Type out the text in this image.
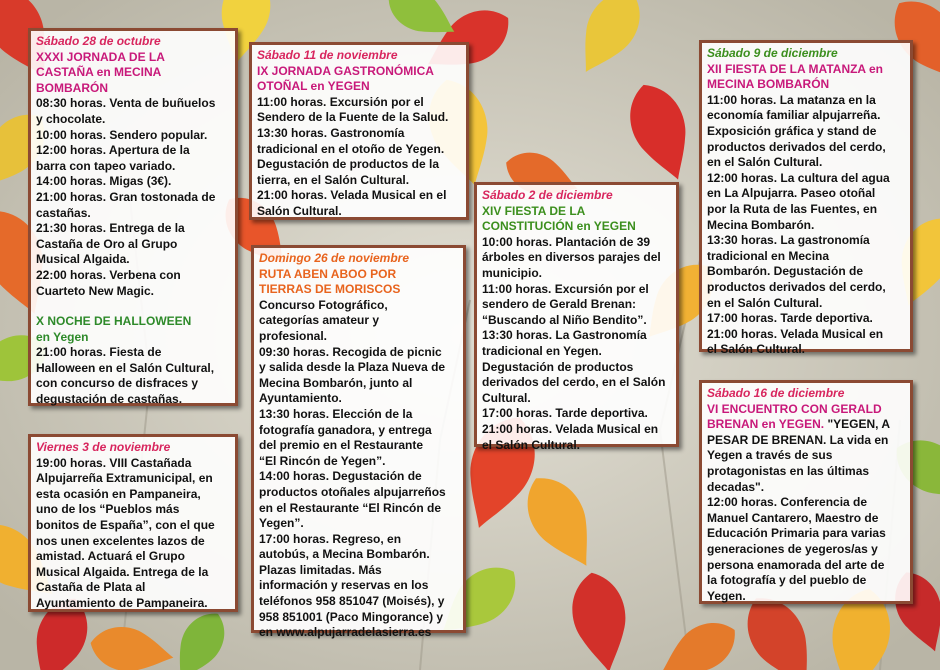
Sábado 28 de octubre
XXXI JORNADA DE LA
CASTAÑA en MECINA
BOMBARÓN
08:30 horas. Venta de buñuelos
y chocolate.
10:00 horas. Sendero popular.
12:00 horas. Apertura de la
barra con tapeo variado.
14:00 horas. Migas (3€).
21:00 horas. Gran tostonada de
castañas.
21:30 horas. Entrega de la
Castaña de Oro al Grupo
Musical Algaida.
22:00 horas. Verbena con
Cuarteto New Magic.
X NOCHE DE HALLOWEEN
en Yegen
21:00 horas. Fiesta de
Halloween en el Salón Cultural,
con concurso de disfraces y
degustación de castañas.
Viernes 3 de noviembre
19:00 horas. VIII Castañada
Alpujarreña Extramunicipal, en
esta ocasión en Pampaneira,
uno de los “Pueblos más
bonitos de España”, con el que
nos unen excelentes lazos de
amistad. Actuará el Grupo
Musical Algaida. Entrega de la
Castaña de Plata al
Ayuntamiento de Pampaneira.
Sábado 11 de noviembre
IX JORNADA GASTRONÓMICA
OTOÑAL en YEGEN
11:00 horas. Excursión por el
Sendero de la Fuente de la Salud.
13:30 horas. Gastronomía
tradicional en el otoño de Yegen.
Degustación de productos de la
tierra, en el Salón Cultural.
21:00 horas. Velada Musical en el
Salón Cultural.
Domingo 26 de noviembre
RUTA ABEN ABOO POR
TIERRAS DE MORISCOS
Concurso Fotográfico,
categorías amateur y
profesional.
09:30 horas. Recogida de picnic
y salida desde la Plaza Nueva de
Mecina Bombarón, junto al
Ayuntamiento.
13:30 horas. Elección de la
fotografía ganadora, y entrega
del premio en el Restaurante
“El Rincón de Yegen”.
14:00 horas. Degustación de
productos otoñales alpujarreños
en el Restaurante “El Rincón de
Yegen”.
17:00 horas. Regreso, en
autobús, a Mecina Bombarón.
Plazas limitadas. Más
información y reservas en los
teléfonos 958 851047 (Moisés), y
958 851001 (Paco Mingorance) y
en www.alpujarradelasierra.es
Sábado 2 de diciembre
XIV FIESTA DE LA
CONSTITUCIÓN en YEGEN
10:00 horas. Plantación de 39
árboles en diversos parajes del
municipio.
11:00 horas. Excursión por el
sendero de Gerald Brenan:
“Buscando al Niño Bendito”.
13:30 horas. La Gastronomía
tradicional en Yegen.
Degustación de productos
derivados del cerdo, en el Salón
Cultural.
17:00 horas. Tarde deportiva.
21:00 horas. Velada Musical en
el Salón Cultural.
Sábado 9 de diciembre
XII FIESTA DE LA MATANZA en
MECINA BOMBARÓN
11:00 horas. La matanza en la
economía familiar alpujarreña.
Exposición gráfica y stand de
productos derivados del cerdo,
en el Salón Cultural.
12:00 horas. La cultura del agua
en La Alpujarra. Paseo otoñal
por la Ruta de las Fuentes, en
Mecina Bombarón.
13:30 horas. La gastronomía
tradicional en Mecina
Bombarón. Degustación de
productos derivados del cerdo,
en el Salón Cultural.
17:00 horas. Tarde deportiva.
21:00 horas. Velada Musical en
el Salón Cultural.
Sábado 16 de diciembre
VI ENCUENTRO CON GERALD
BRENAN en YEGEN. "YEGEN, A
PESAR DE BRENAN. La vida en
Yegen a través de sus
protagonistas en las últimas
decadas".
12:00 horas. Conferencia de
Manuel Cantarero, Maestro de
Educación Primaria para varias
generaciones de yegeros/as y
persona enamorada del arte de
la fotografía y del pueblo de
Yegen.
